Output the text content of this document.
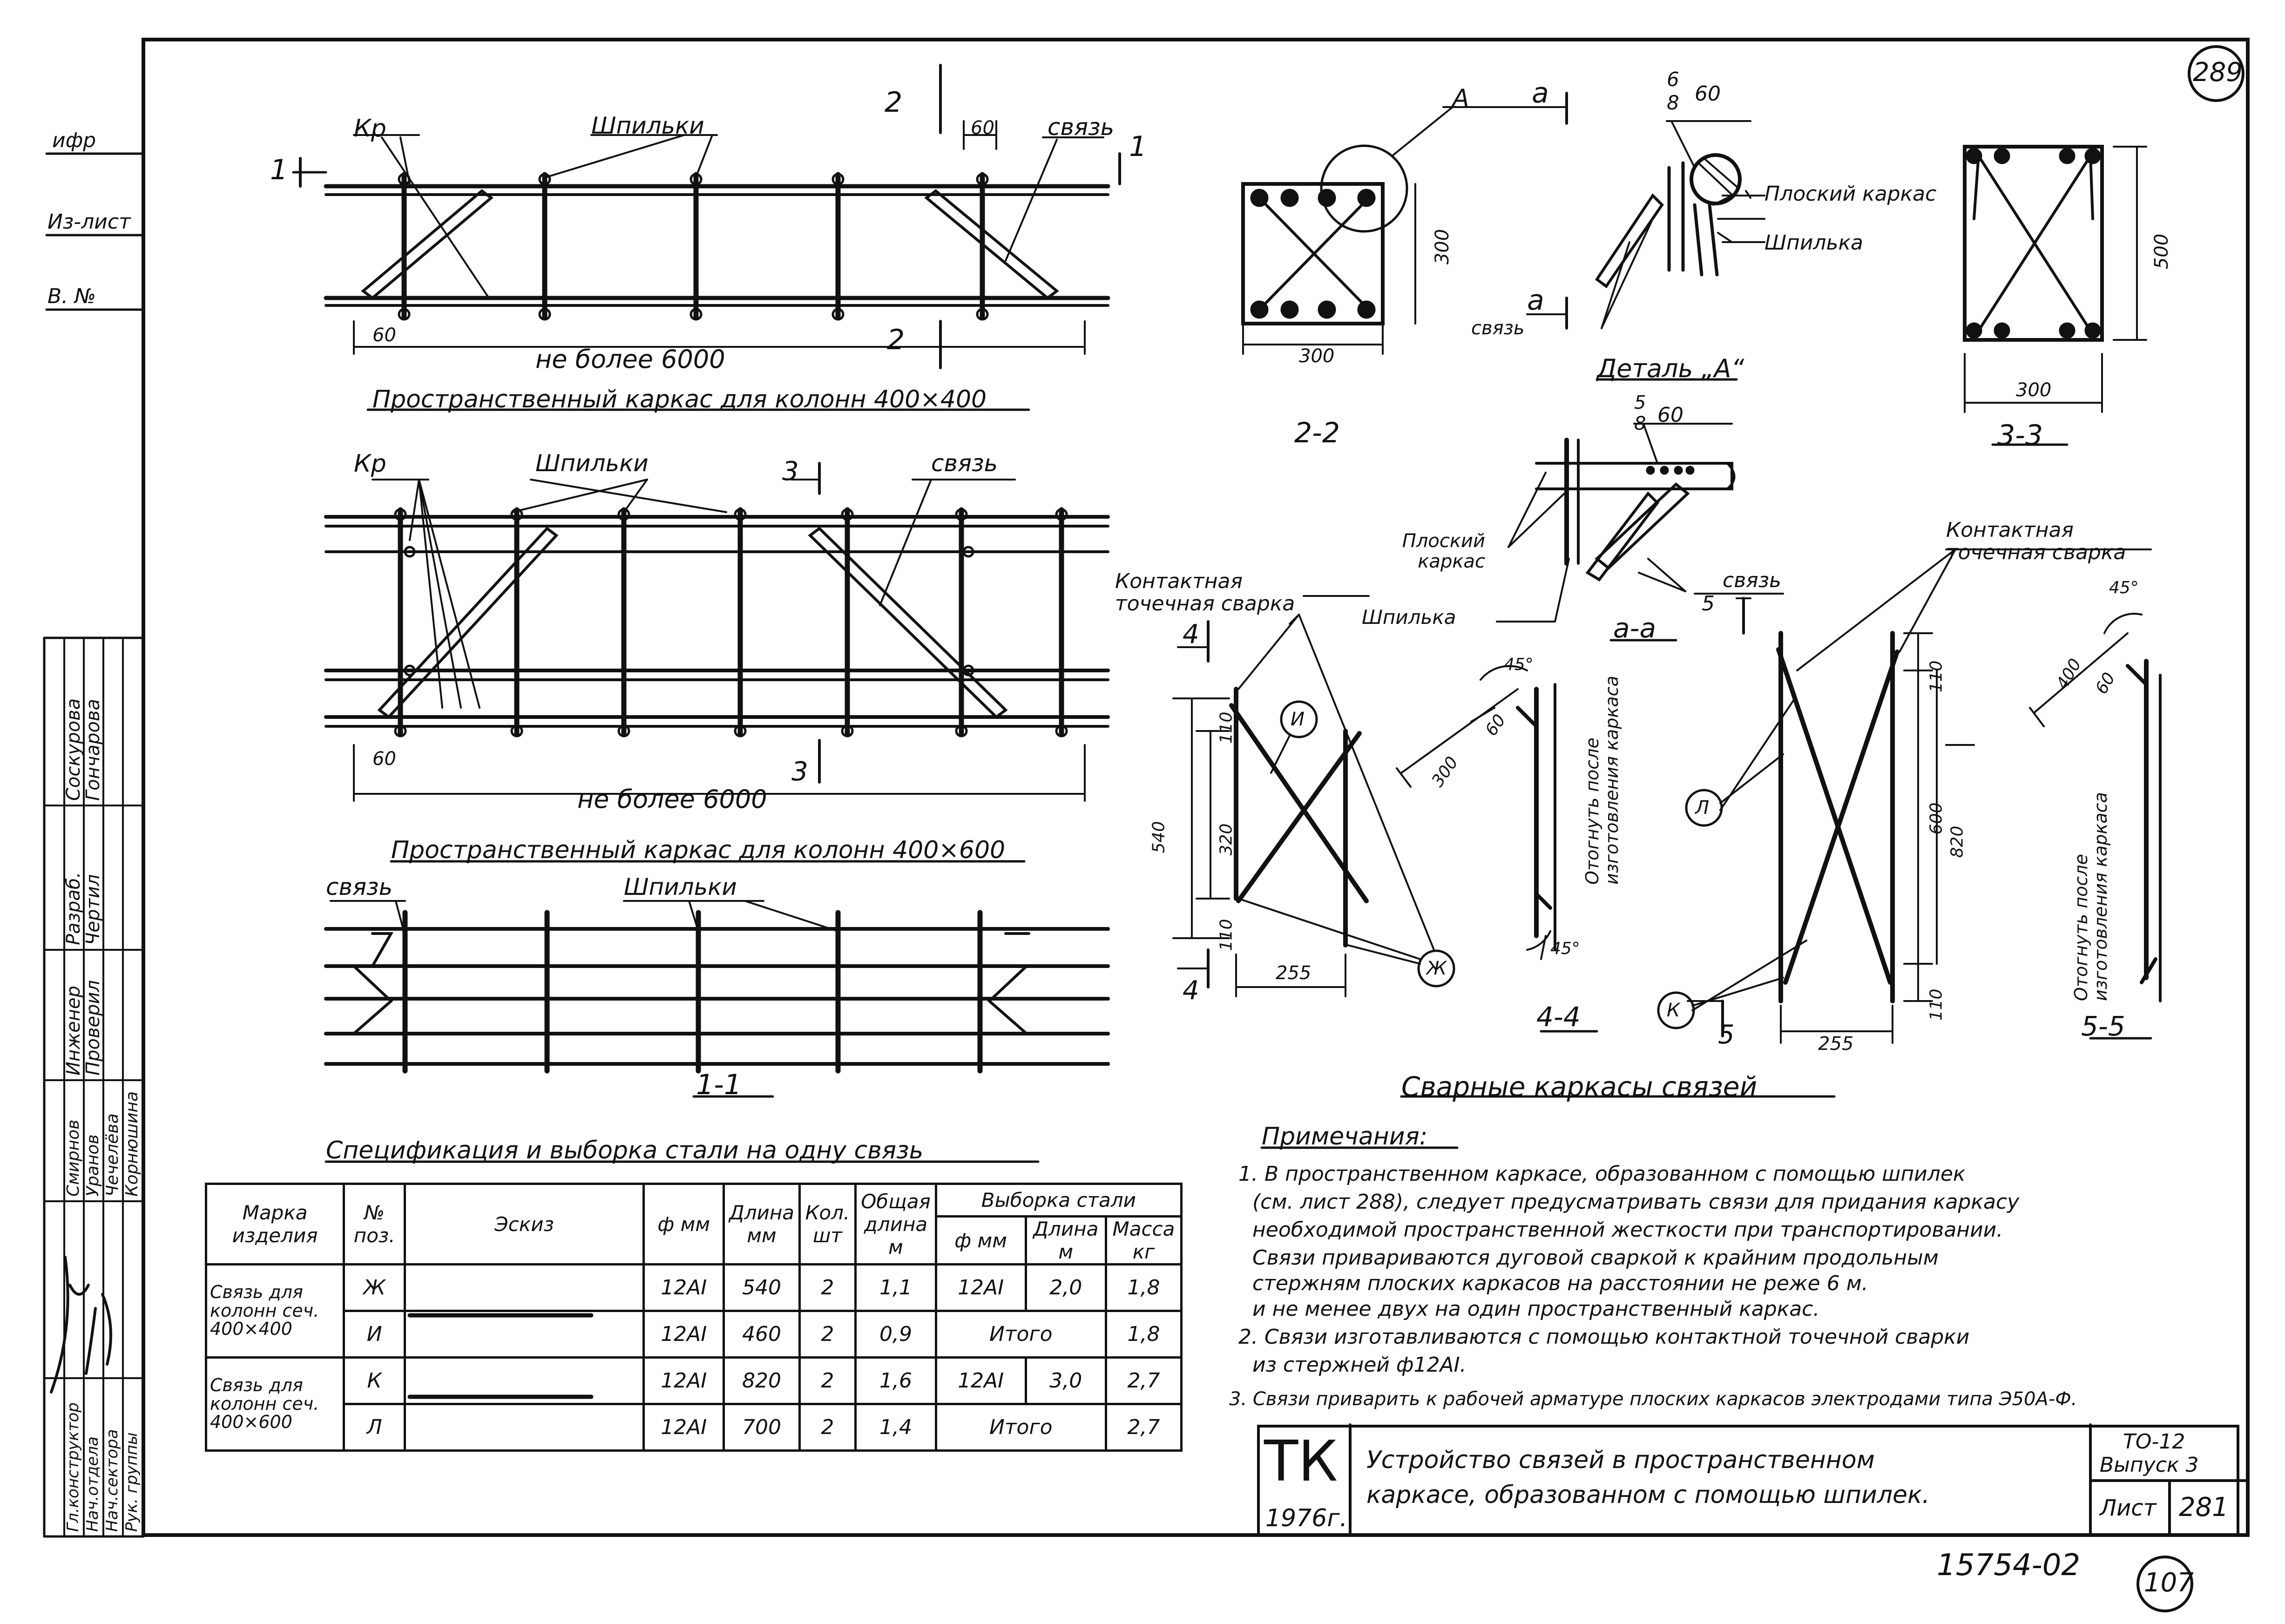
ифр
Из-лист
В. №
Соскурова
Гончарова
Разраб.
Чертил
Инженер
Проверил
Смирнов Уранов Чечелёва Корнюшина
Гл.конструктор Нач.отдела Нач.сектора Рук. группы
289
107
15754-02
Кр	Шпильки	связь
60
60
не более 6000
1
1
2
2
Пространственный каркас для колонн 400×400
Кр	Шпильки	связь
60
не более 6000
3
3
Пространственный каркас для колонн 400×600
связь	Шпильки
1-1
А а
а
300
300
2-2
6
8 60
Плоский каркас
Шпилька
связь
Деталь „А“
500
300
3-3
5
8 60
Плоский каркас
Шпилька
связь
5
а-а
Контактная точечная сварка
4
4
110
320
110
540
255
И
Ж
45°
45°
300
60
Отогнуть после изготовления каркаса
4-4
Контактная точечная сварка
5
110
600
820
110
255
Л
К
45°
400 60
Отогнуть после изготовления каркаса
5-5
Сварные каркасы связей
Примечания:
1. В пространственном каркасе, образованном с помощью шпилек
(см. лист 288), следует предусматривать связи для придания каркасу
необходимой пространственной жесткости при транспортировании.
Связи привариваются дуговой сваркой к крайним продольным
стержням плоских каркасов на расстоянии не реже 6 м.
и не менее двух на один пространственный каркас.
2. Связи изготавливаются с помощью контактной точечной сварки
из стержней ф12АI.
3. Связи приварить к рабочей арматуре плоских каркасов электродами типа Э50А-Ф.
Спецификация и выборка стали на одну связь
Марка изделия	№ поз.	Эскиз	ф мм	Длина мм	Кол. шт	Общая длина м	Выборка стали		
							ф мм	Длина м	Масса кг
Связь для колонн сеч. 400×400	Ж		12АI	540	2	1,1	12АI	2,0	1,8
	И		12АI	460	2	0,9	Итого		1,8
Связь для колонн сеч. 400×600	К		12АI	820	2	1,6	12АI	3,0	2,7
	Л		12АI	700	2	1,4	Итого		2,7
ТК
1976г.
Устройство связей в пространственном
каркасе, образованном с помощью шпилек.
ТО-12
Выпуск 3
Лист 281
